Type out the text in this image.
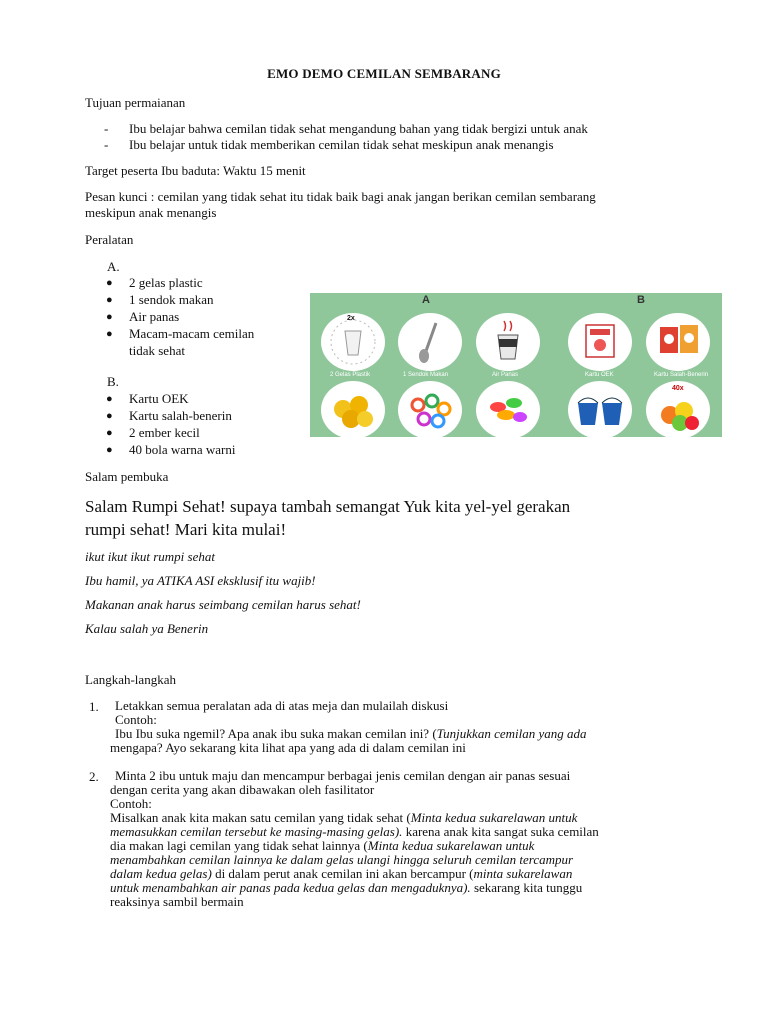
EMO DEMO CEMILAN SEMBARANG
Tujuan permaianan
- Ibu belajar bahwa cemilan tidak sehat mengandung bahan yang tidak bergizi untuk anak
- Ibu belajar untuk tidak memberikan cemilan tidak sehat meskipun anak menangis
Target peserta Ibu baduta: Waktu 15 menit
Pesan kunci : cemilan yang tidak sehat itu tidak baik bagi anak jangan berikan cemilan sembarang
meskipun anak menangis
Peralatan
A.
● 2 gelas plastic
● 1 sendok makan
● Air panas
● Macam-macam cemilan
tidak sehat
B.
● Kartu OEK
● Kartu salah-benerin
● 2 ember kecil
● 40 bola warna warni
A	B
2x
2 Gelas Plastik	1 Sendok Makan	Air Panas	Kartu OEK	Kartu Salah-Benerin
40x
Salam pembuka
Salam Rumpi Sehat! supaya tambah semangat Yuk kita yel-yel gerakan
rumpi sehat! Mari kita mulai!
ikut ikut ikut rumpi sehat
Ibu hamil, ya ATIKA ASI eksklusif itu wajib!
Makanan anak harus seimbang cemilan harus sehat!
Kalau salah ya Benerin
Langkah-langkah
1. Letakkan semua peralatan ada di atas meja dan mulailah diskusi
Contoh:
Ibu Ibu suka ngemil? Apa anak ibu suka makan cemilan ini? (Tunjukkan cemilan yang ada
mengapa? Ayo sekarang kita lihat apa yang ada di dalam cemilan ini
2. Minta 2 ibu untuk maju dan mencampur berbagai jenis cemilan dengan air panas sesuai
dengan cerita yang akan dibawakan oleh fasilitator
Contoh:
Misalkan anak kita makan satu cemilan yang tidak sehat (Minta kedua sukarelawan untuk
memasukkan cemilan tersebut ke masing-masing gelas). karena anak kita sangat suka cemilan
dia makan lagi cemilan yang tidak sehat lainnya (Minta kedua sukarelawan untuk
menambahkan cemilan lainnya ke dalam gelas ulangi hingga seluruh cemilan tercampur
dalam kedua gelas) di dalam perut anak cemilan ini akan bercampur (minta sukarelawan
untuk menambahkan air panas pada kedua gelas dan mengaduknya). sekarang kita tunggu
reaksinya sambil bermain
